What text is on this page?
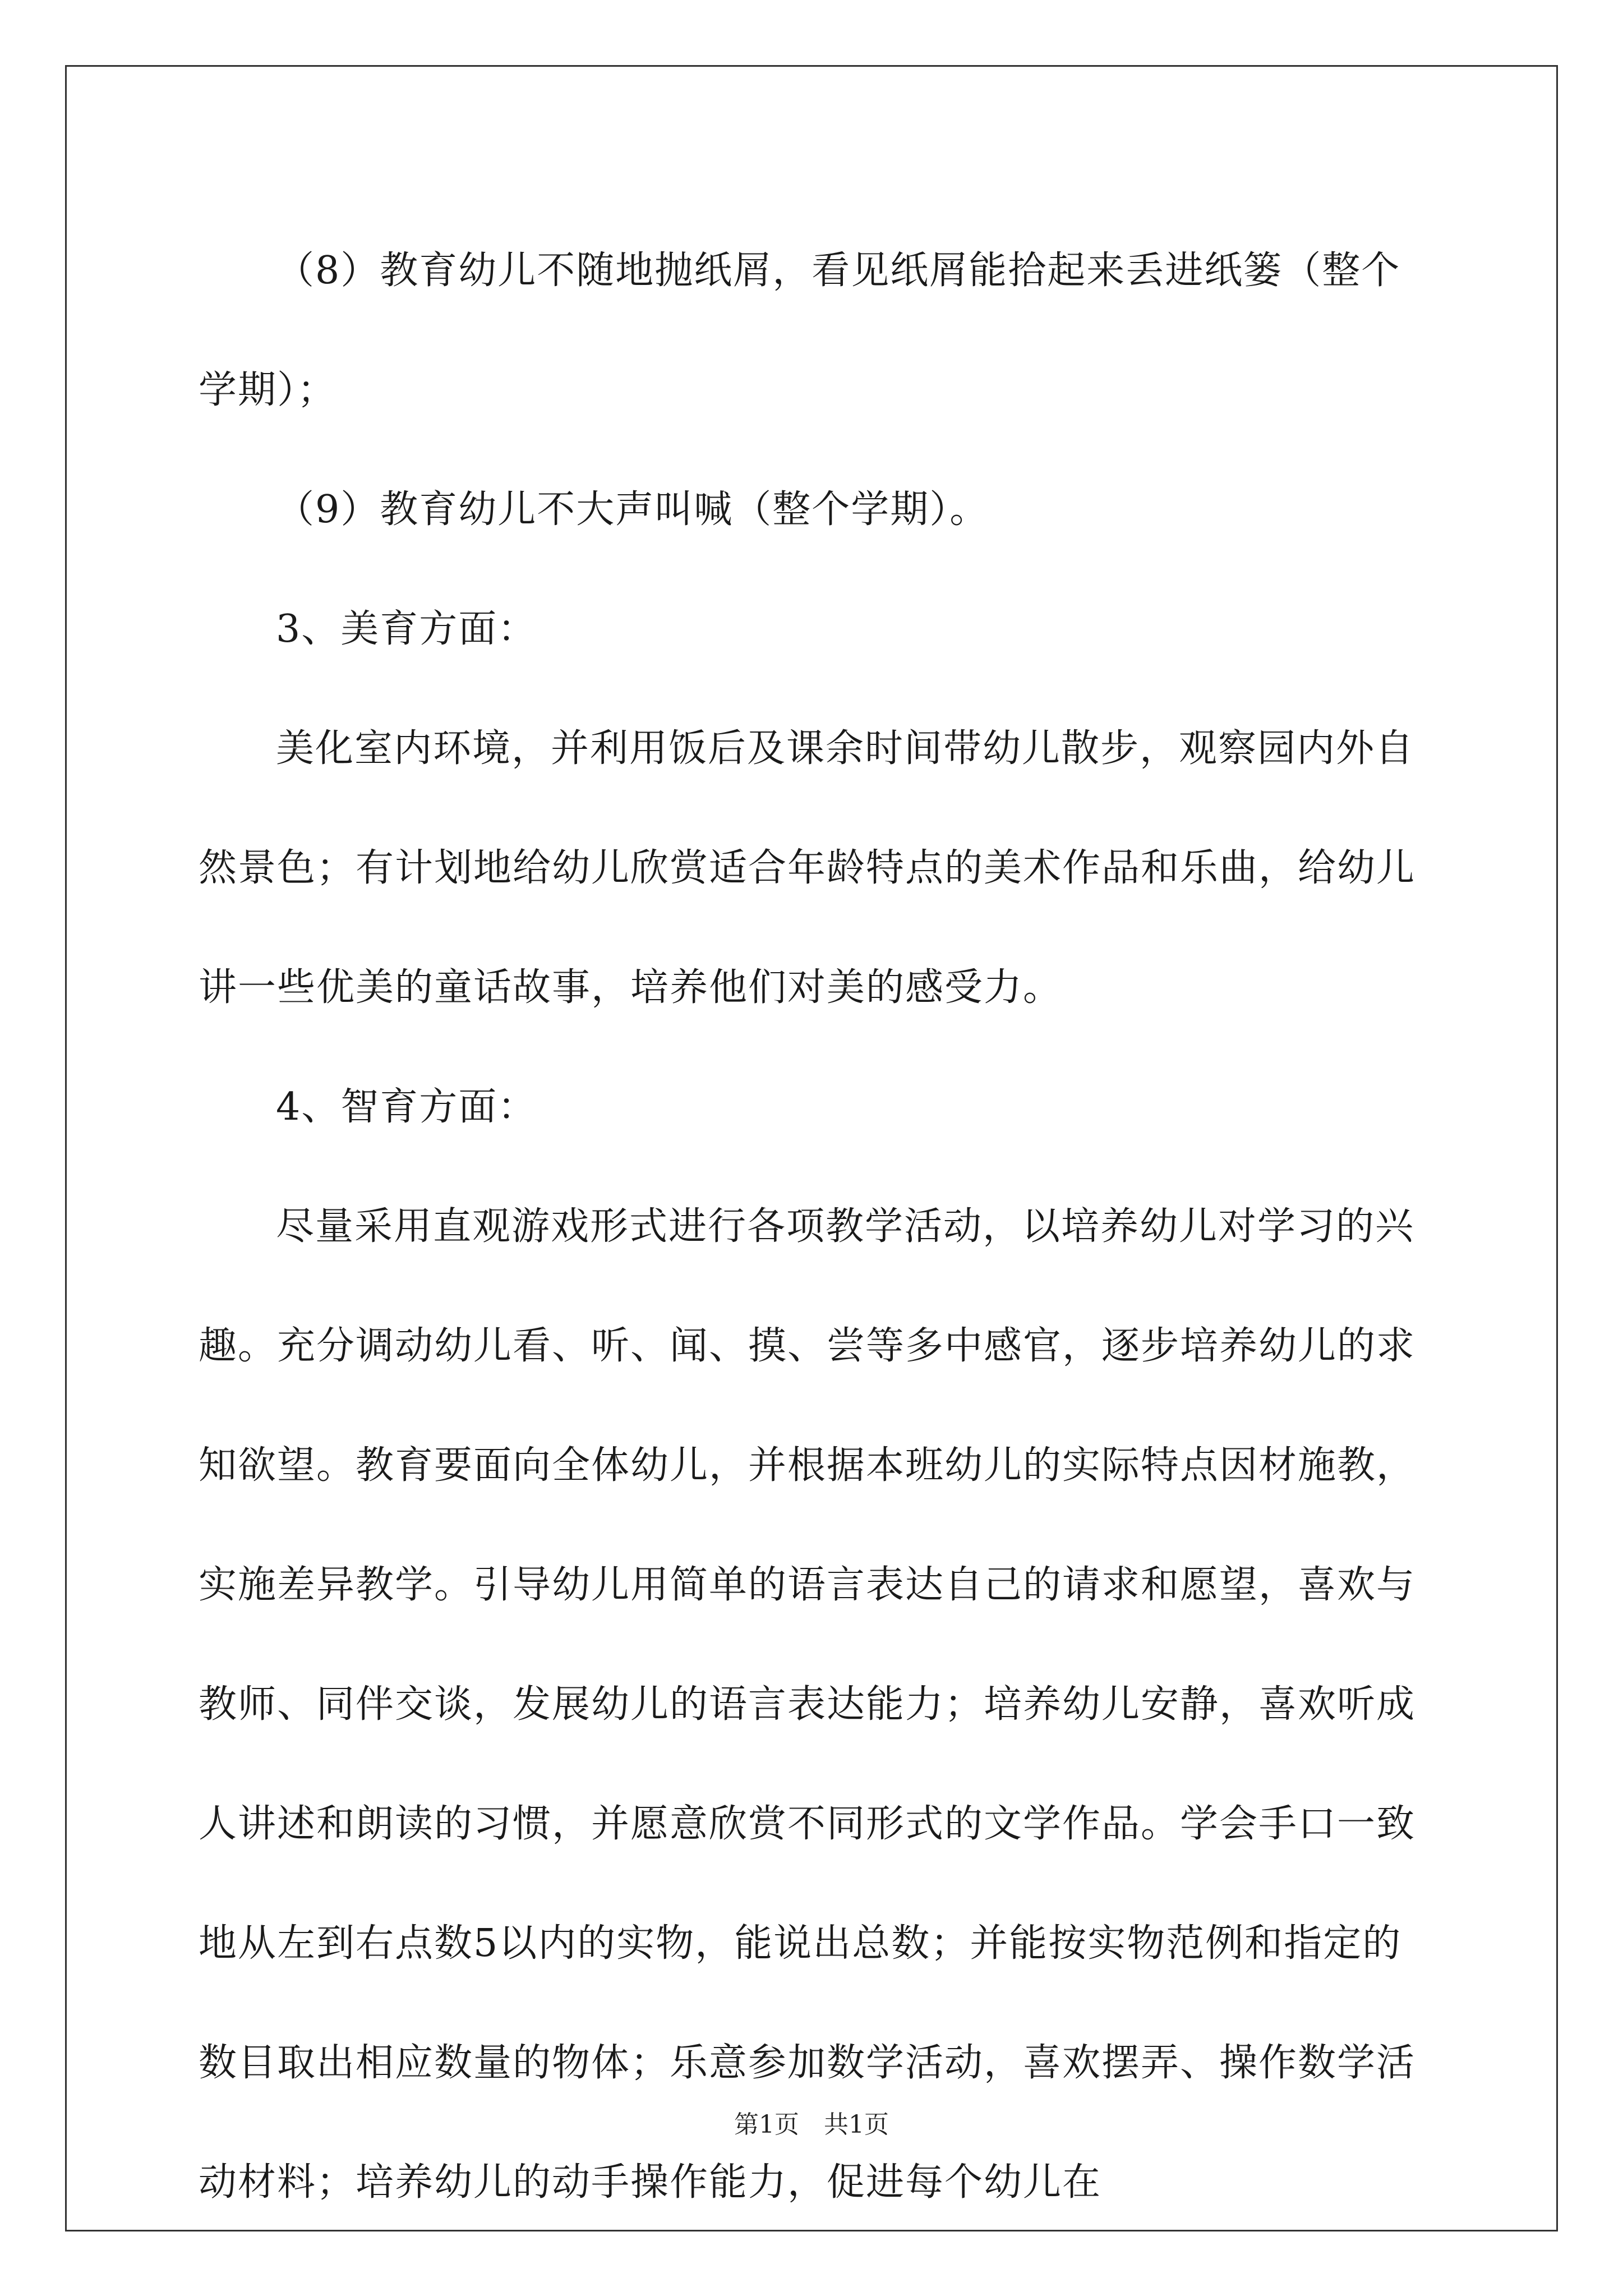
（8）教育幼儿不随地抛纸屑，看见纸屑能拾起来丢进纸篓（整个学期）；

（9）教育幼儿不大声叫喊（整个学期）。

3、美育方面：

美化室内环境，并利用饭后及课余时间带幼儿散步，观察园内外自然景色；有计划地给幼儿欣赏适合年龄特点的美术作品和乐曲，给幼儿讲一些优美的童话故事，培养他们对美的感受力。

4、智育方面：

尽量采用直观游戏形式进行各项教学活动，以培养幼儿对学习的兴趣。充分调动幼儿看、听、闻、摸、尝等多中感官，逐步培养幼儿的求知欲望。教育要面向全体幼儿，并根据本班幼儿的实际特点因材施教，实施差异教学。引导幼儿用简单的语言表达自己的请求和愿望，喜欢与教师、同伴交谈，发展幼儿的语言表达能力；培养幼儿安静，喜欢听成人讲述和朗读的习惯，并愿意欣赏不同形式的文学作品。学会手口一致地从左到右点数5以内的实物，能说出总数；并能按实物范例和指定的数目取出相应数量的物体；乐意参加数学活动，喜欢摆弄、操作数学活动材料；培养幼儿的动手操作能力，促进每个幼儿在

第1页　共1页
